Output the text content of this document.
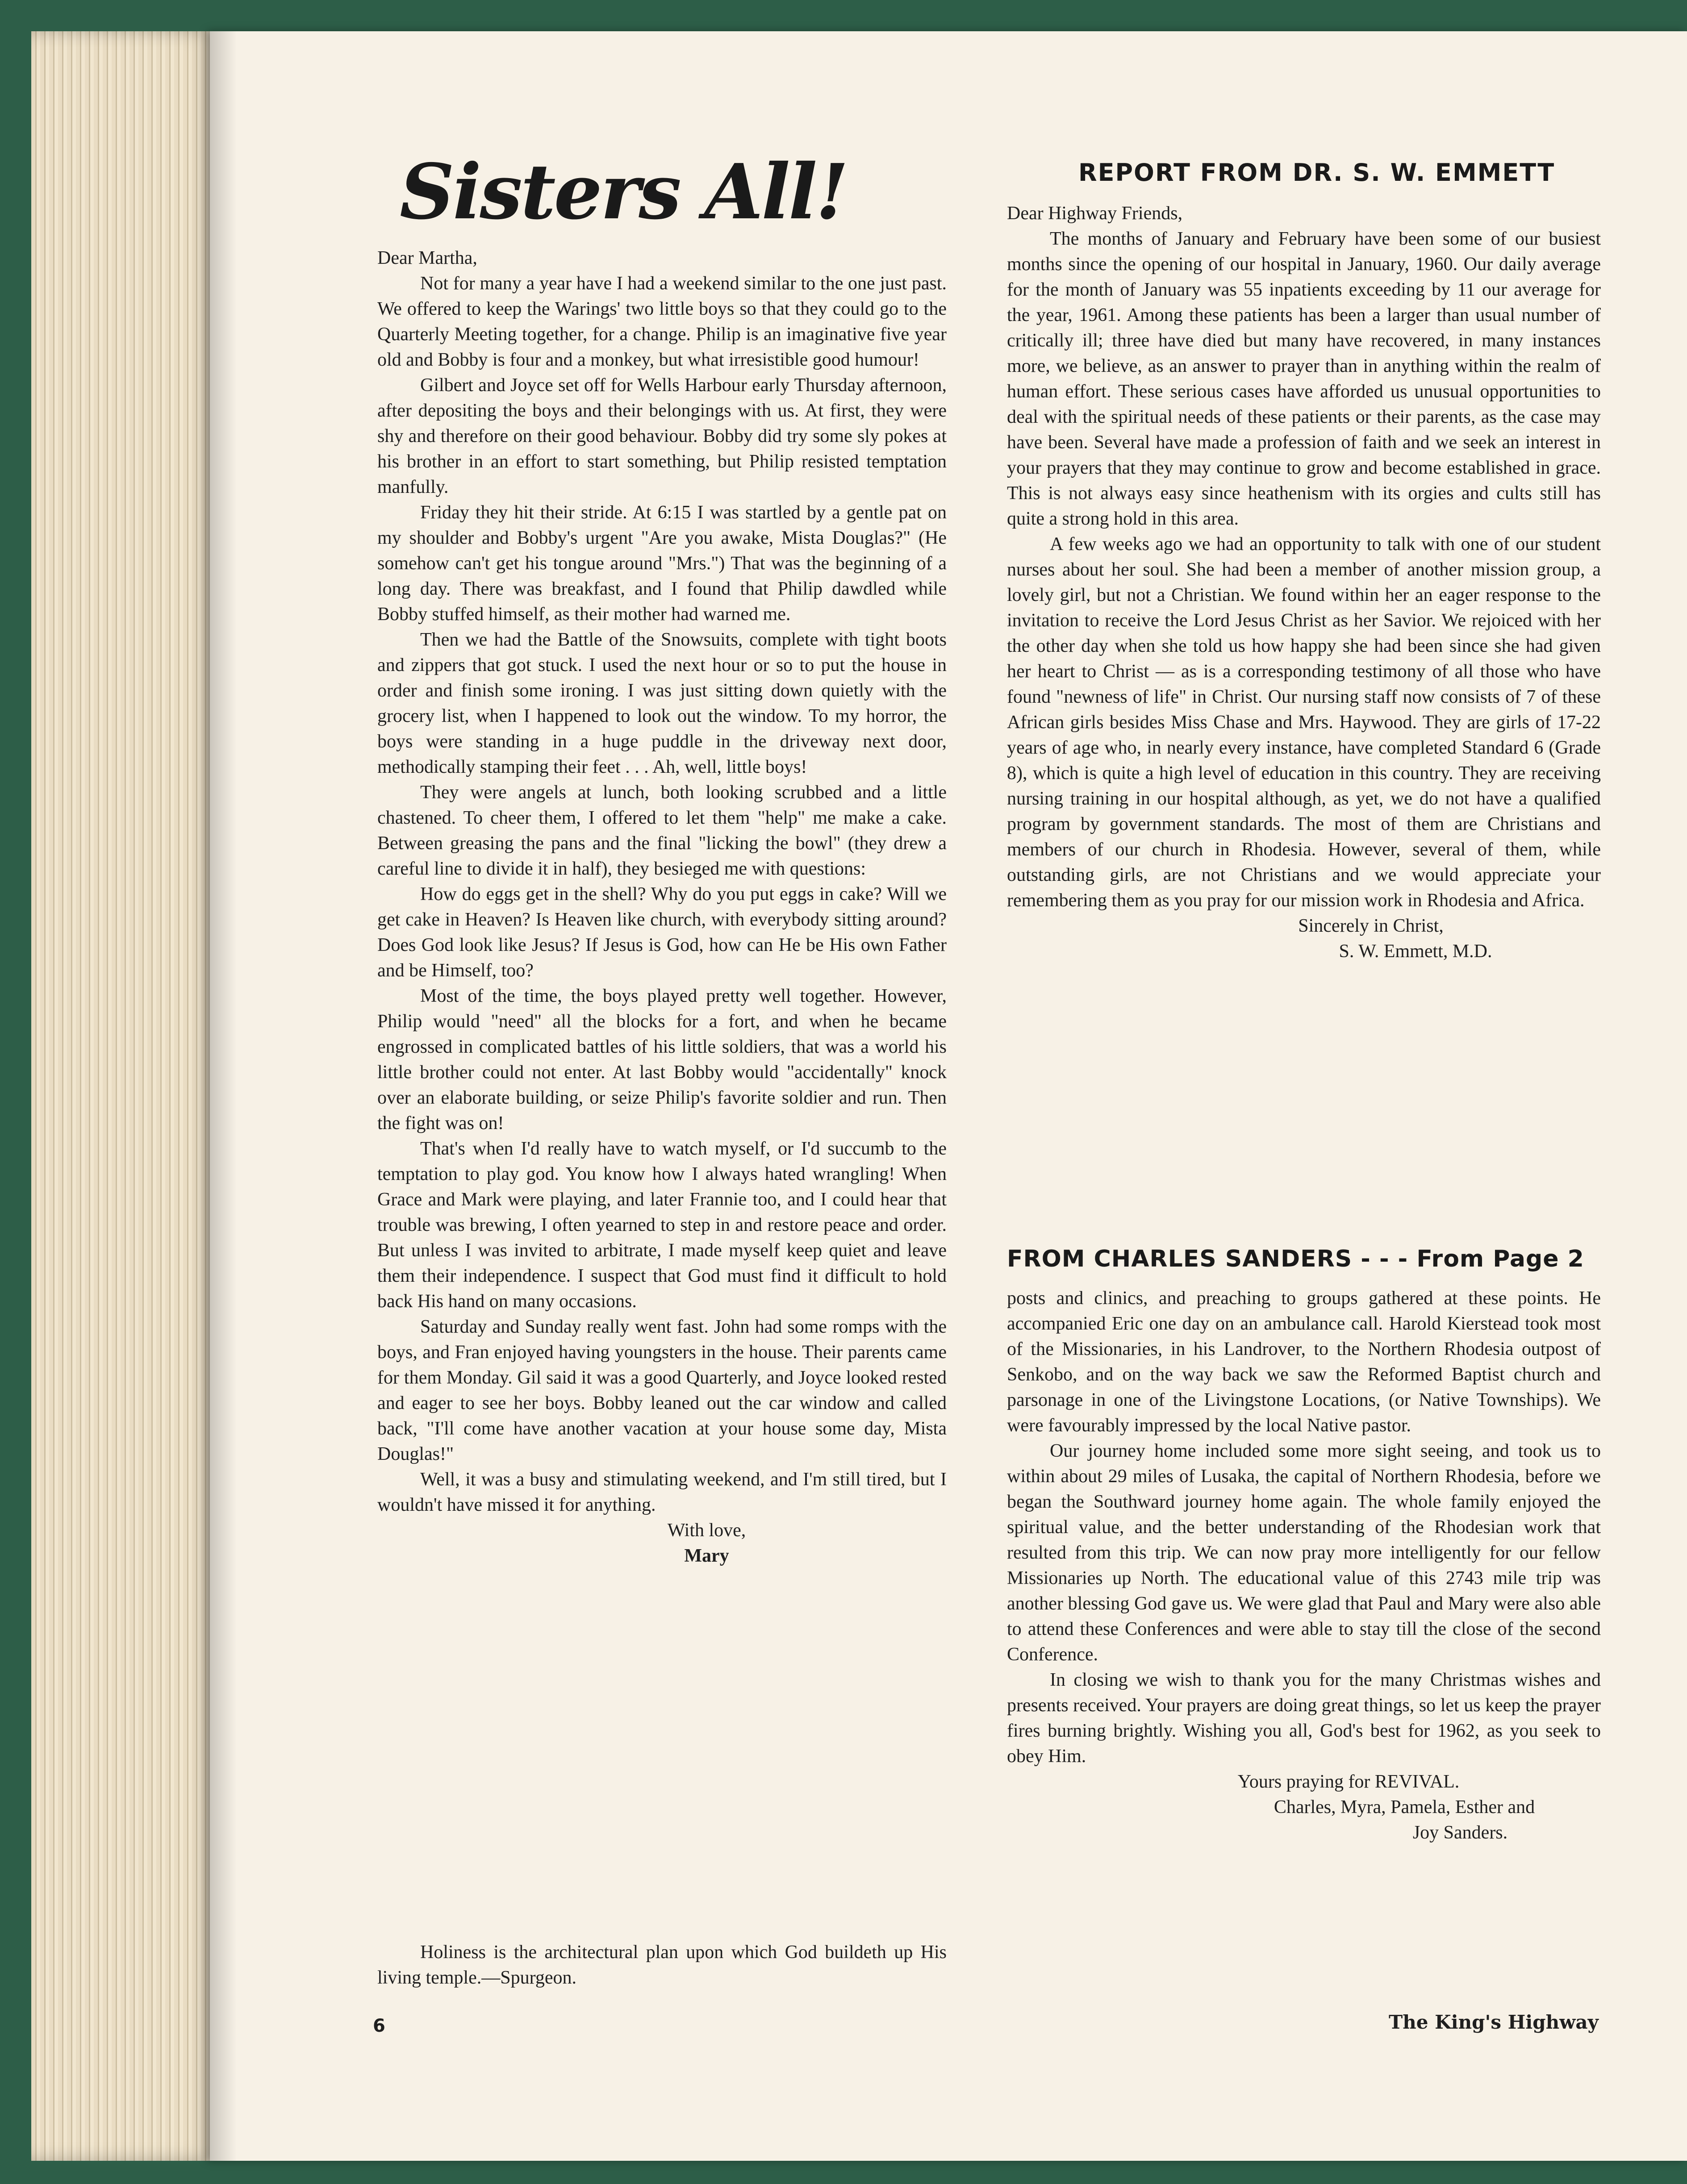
Sisters All!

Dear Martha,

Not for many a year have I had a weekend similar to the one just past. We offered to keep the Warings' two little boys so that they could go to the Quarterly Meeting together, for a change. Philip is an imaginative five year old and Bobby is four and a monkey, but what irresistible good humour!

Gilbert and Joyce set off for Wells Harbour early Thursday afternoon, after depositing the boys and their belongings with us. At first, they were shy and therefore on their good behaviour. Bobby did try some sly pokes at his brother in an effort to start something, but Philip resisted temptation manfully.

Friday they hit their stride. At 6:15 I was startled by a gentle pat on my shoulder and Bobby's urgent "Are you awake, Mista Douglas?" (He somehow can't get his tongue around "Mrs.") That was the beginning of a long day. There was breakfast, and I found that Philip dawdled while Bobby stuffed himself, as their mother had warned me.

Then we had the Battle of the Snowsuits, complete with tight boots and zippers that got stuck. I used the next hour or so to put the house in order and finish some ironing. I was just sitting down quietly with the grocery list, when I happened to look out the window. To my horror, the boys were standing in a huge puddle in the driveway next door, methodically stamping their feet . . . Ah, well, little boys!

They were angels at lunch, both looking scrubbed and a little chastened. To cheer them, I offered to let them "help" me make a cake. Between greasing the pans and the final "licking the bowl" (they drew a careful line to divide it in half), they besieged me with questions:

How do eggs get in the shell? Why do you put eggs in cake? Will we get cake in Heaven? Is Heaven like church, with everybody sitting around? Does God look like Jesus? If Jesus is God, how can He be His own Father and be Himself, too?

Most of the time, the boys played pretty well together. However, Philip would "need" all the blocks for a fort, and when he became engrossed in complicated battles of his little soldiers, that was a world his little brother could not enter. At last Bobby would "accidentally" knock over an elaborate building, or seize Philip's favorite soldier and run. Then the fight was on!

That's when I'd really have to watch myself, or I'd succumb to the temptation to play god. You know how I always hated wrangling! When Grace and Mark were playing, and later Frannie too, and I could hear that trouble was brewing, I often yearned to step in and restore peace and order. But unless I was invited to arbitrate, I made myself keep quiet and leave them their independence. I suspect that God must find it difficult to hold back His hand on many occasions.

Saturday and Sunday really went fast. John had some romps with the boys, and Fran enjoyed having youngsters in the house. Their parents came for them Monday. Gil said it was a good Quarterly, and Joyce looked rested and eager to see her boys. Bobby leaned out the car window and called back, "I'll come have another vacation at your house some day, Mista Douglas!"

Well, it was a busy and stimulating weekend, and I'm still tired, but I wouldn't have missed it for anything.

With love,

Mary

Holiness is the architectural plan upon which God buildeth up His living temple.—Spurgeon.

REPORT FROM DR. S. W. EMMETT

Dear Highway Friends,

The months of January and February have been some of our busiest months since the opening of our hospital in January, 1960. Our daily average for the month of January was 55 inpatients exceeding by 11 our average for the year, 1961. Among these patients has been a larger than usual number of critically ill; three have died but many have recovered, in many instances more, we believe, as an answer to prayer than in anything within the realm of human effort. These serious cases have afforded us unusual opportunities to deal with the spiritual needs of these patients or their parents, as the case may have been. Several have made a profession of faith and we seek an interest in your prayers that they may continue to grow and become established in grace. This is not always easy since heathenism with its orgies and cults still has quite a strong hold in this area.

A few weeks ago we had an opportunity to talk with one of our student nurses about her soul. She had been a member of another mission group, a lovely girl, but not a Christian. We found within her an eager response to the invitation to receive the Lord Jesus Christ as her Savior. We rejoiced with her the other day when she told us how happy she had been since she had given her heart to Christ — as is a corresponding testimony of all those who have found "newness of life" in Christ. Our nursing staff now consists of 7 of these African girls besides Miss Chase and Mrs. Haywood. They are girls of 17-22 years of age who, in nearly every instance, have completed Standard 6 (Grade 8), which is quite a high level of education in this country. They are receiving nursing training in our hospital although, as yet, we do not have a qualified program by government standards. The most of them are Christians and members of our church in Rhodesia. However, several of them, while outstanding girls, are not Christians and we would appreciate your remembering them as you pray for our mission work in Rhodesia and Africa.

Sincerely in Christ,

S. W. Emmett, M.D.

FROM CHARLES SANDERS - - - From Page 2

posts and clinics, and preaching to groups gathered at these points. He accompanied Eric one day on an ambulance call. Harold Kierstead took most of the Missionaries, in his Landrover, to the Northern Rhodesia outpost of Senkobo, and on the way back we saw the Reformed Baptist church and parsonage in one of the Livingstone Locations, (or Native Townships). We were favourably impressed by the local Native pastor.

Our journey home included some more sight seeing, and took us to within about 29 miles of Lusaka, the capital of Northern Rhodesia, before we began the Southward journey home again. The whole family enjoyed the spiritual value, and the better understanding of the Rhodesian work that resulted from this trip. We can now pray more intelligently for our fellow Missionaries up North. The educational value of this 2743 mile trip was another blessing God gave us. We were glad that Paul and Mary were also able to attend these Conferences and were able to stay till the close of the second Conference.

In closing we wish to thank you for the many Christmas wishes and presents received. Your prayers are doing great things, so let us keep the prayer fires burning brightly. Wishing you all, God's best for 1962, as you seek to obey Him.

Yours praying for REVIVAL.

Charles, Myra, Pamela, Esther and

Joy Sanders.

6	The King's Highway
